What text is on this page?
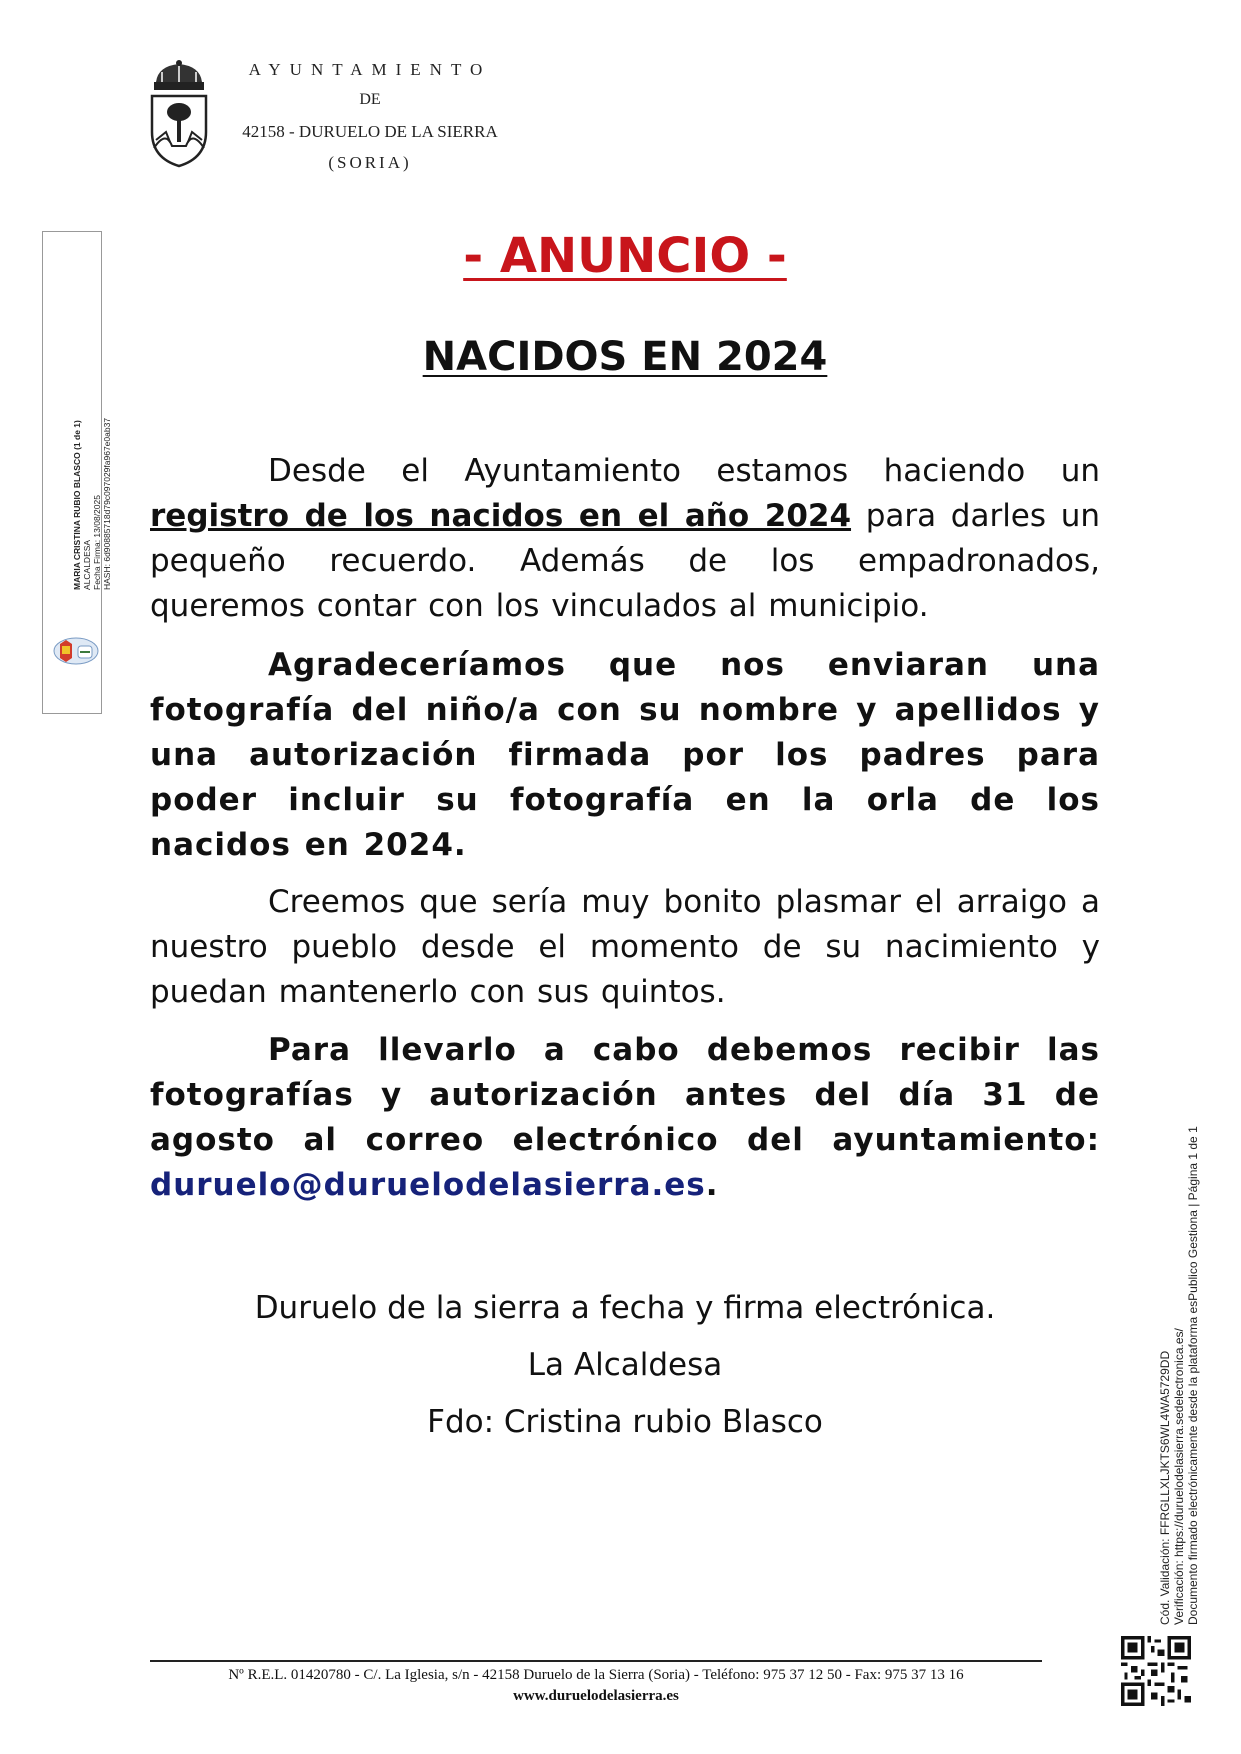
AYUNTAMIENTO
DE
42158 - DURUELO DE LA SIERRA
(SORIA)
MARIA CRISTINA RUBIO BLASCO (1 de 1) ALCALDESA Fecha Firma: 13/08/2025 HASH: 6d90885718d79c097029fa967e0ab37
- ANUNCIO -
NACIDOS EN 2024
Desde el Ayuntamiento estamos haciendo un registro de los nacidos en el año 2024 para darles un pequeño recuerdo. Además de los empadronados, queremos contar con los vinculados al municipio.
Agradeceríamos que nos enviaran una fotografía del niño/a con su nombre y apellidos y una autorización firmada por los padres para poder incluir su fotografía en la orla de los nacidos en 2024.
Creemos que sería muy bonito plasmar el arraigo a nuestro pueblo desde el momento de su nacimiento y puedan mantenerlo con sus quintos.
Para llevarlo a cabo debemos recibir las fotografías y autorización antes del día 31 de agosto al correo electrónico del ayuntamiento: duruelo@duruelodelasierra.es.
Duruelo de la sierra a fecha y firma electrónica.
La Alcaldesa
Fdo: Cristina rubio Blasco
Nº R.E.L. 01420780 - C/. La Iglesia, s/n - 42158 Duruelo de la Sierra (Soria) - Teléfono: 975 37 12 50 - Fax: 975 37 13 16
www.duruelodelasierra.es
Cód. Validación: FFRGLLXLJKTS6WL4WA5729DD Verificación: https://duruelodelasierra.sedelectronica.es/ Documento firmado electrónicamente desde la plataforma esPublico Gestiona | Página 1 de 1
